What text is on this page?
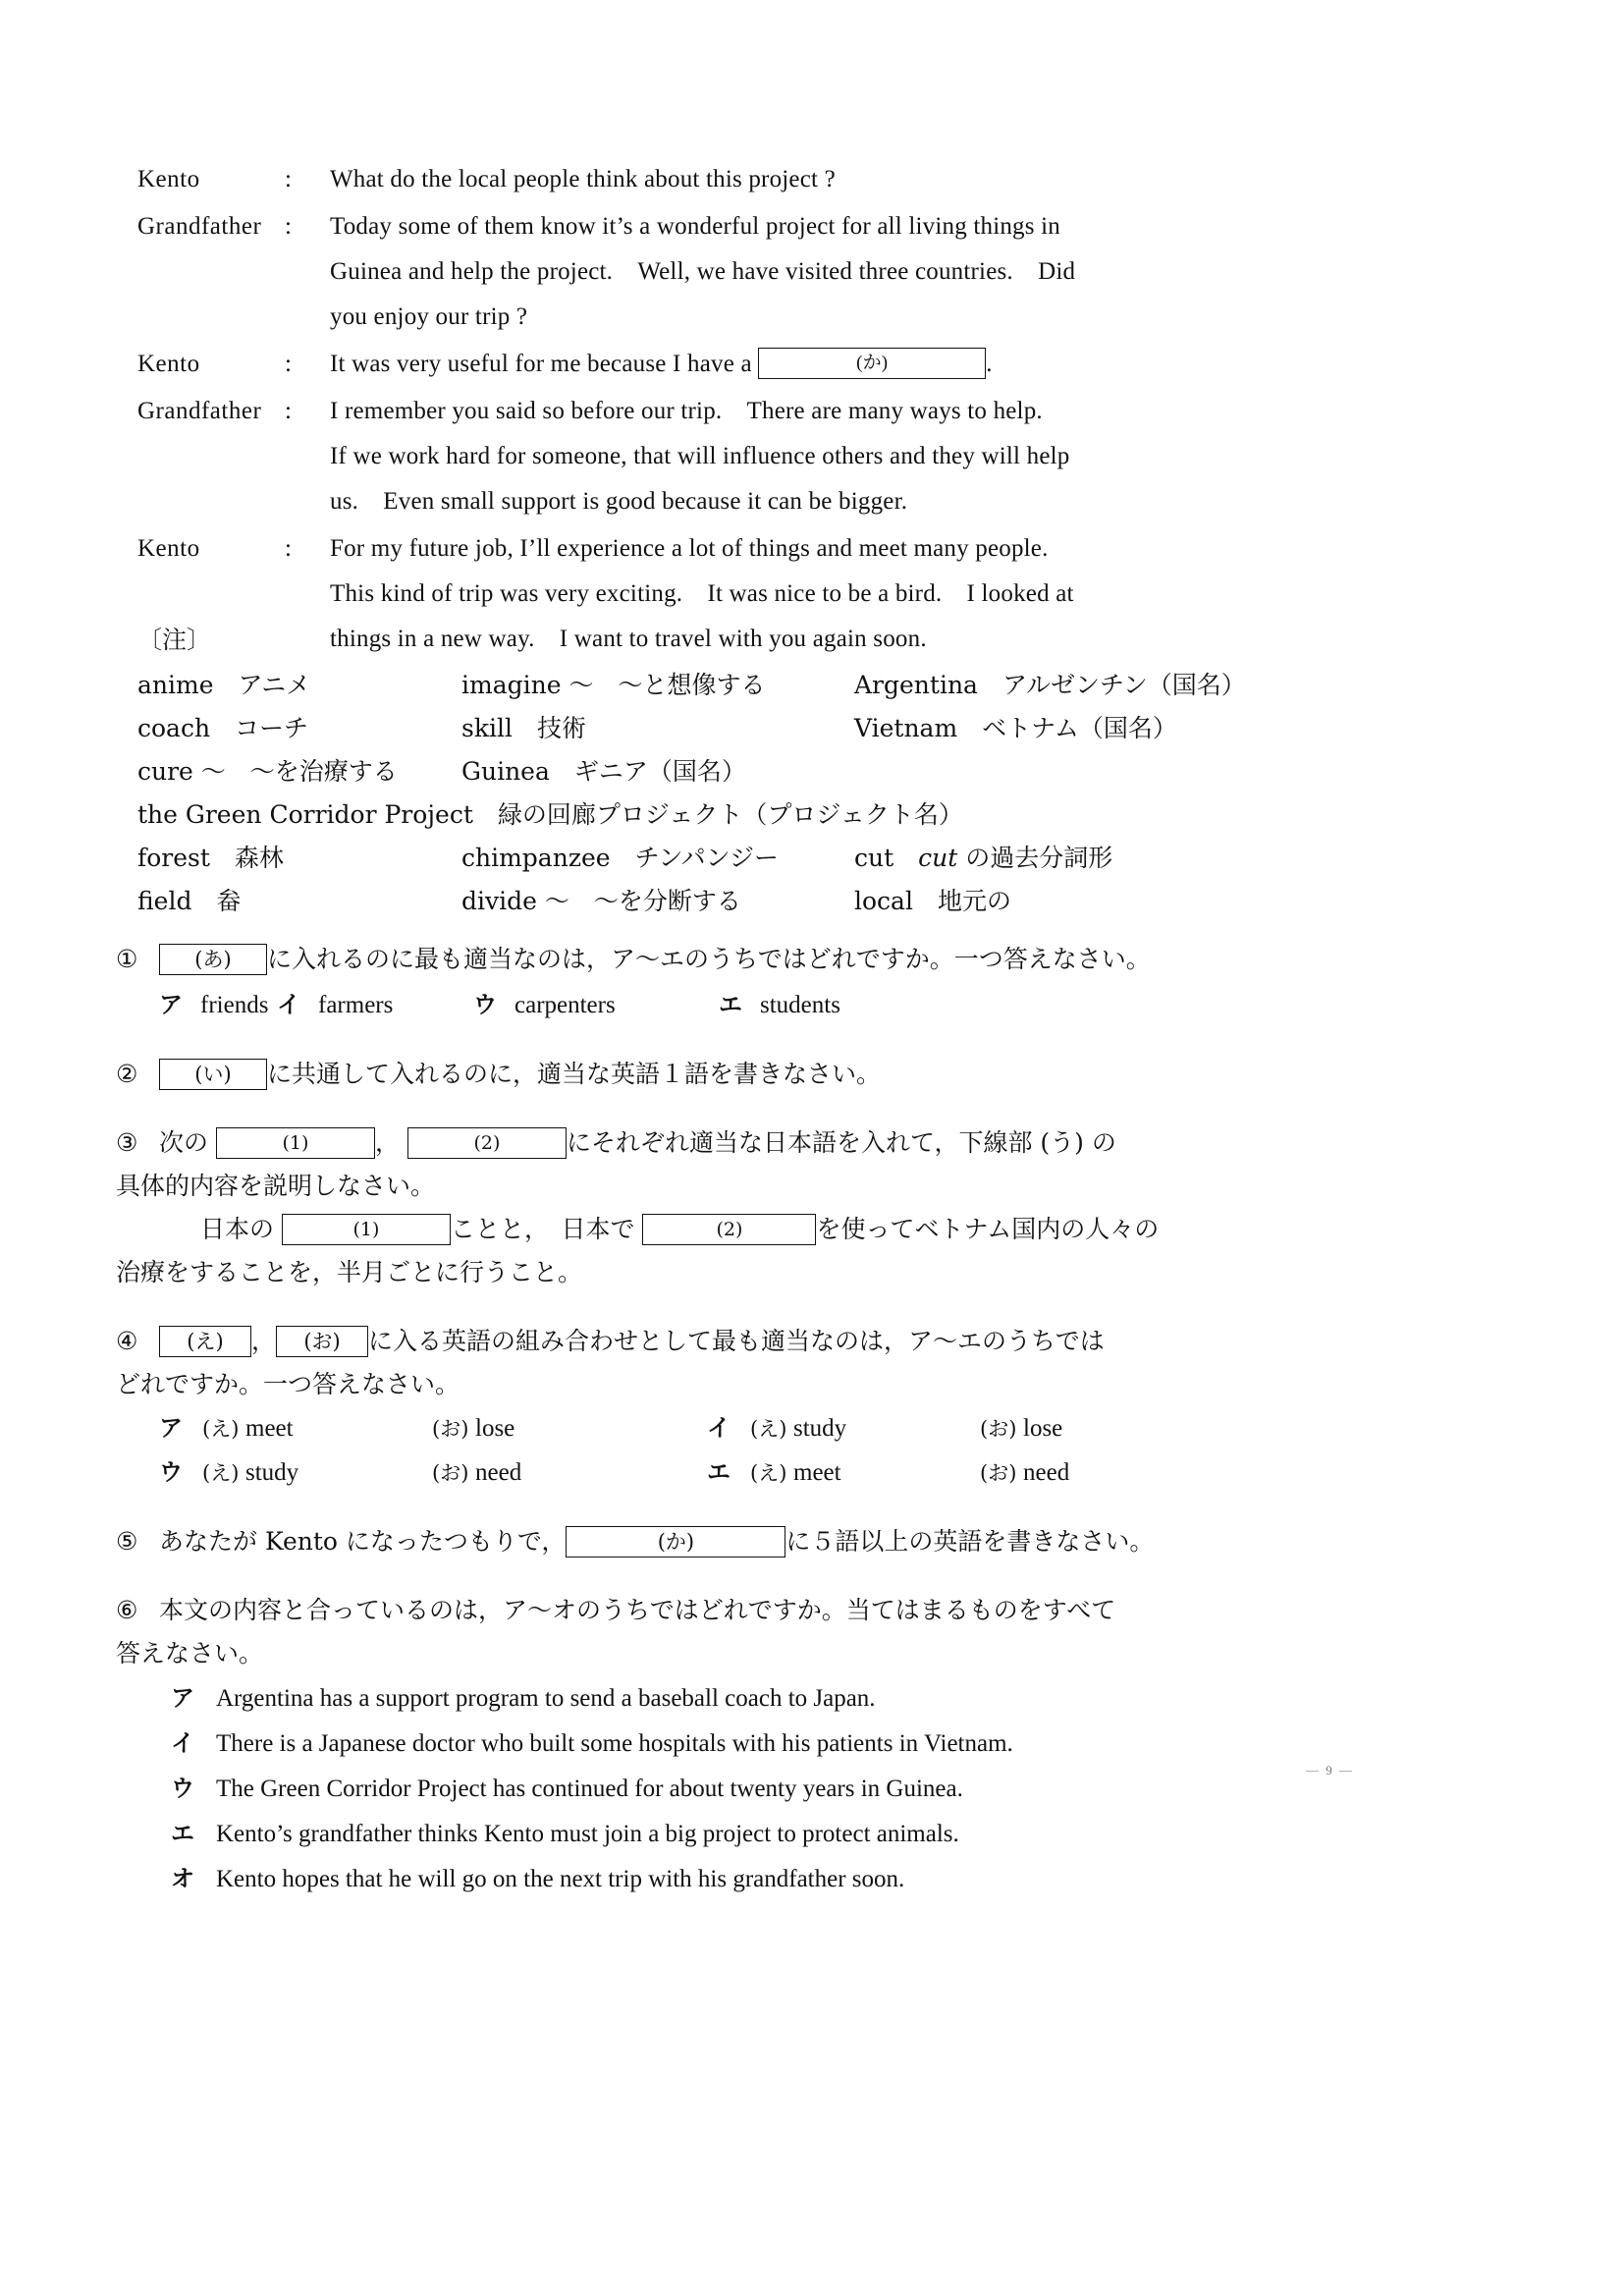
Kento	:	What do the local people think about this project ?
Grandfather :	Today some of them know it’s a wonderful project for all living things in
Guinea and help the project. Well, we have visited three countries. Did
you enjoy our trip ?
Kento	:	It was very useful for me because I have a	(か)	.
Grandfather :	I remember you said so before our trip. There are many ways to help.
If we work hard for someone, that will influence others and they will help
us. Even small support is good because it can be bigger.
Kento	:	For my future job, I’ll experience a lot of things and meet many people.
This kind of trip was very exciting. It was nice to be a bird. I looked at
things in a new way. I want to travel with you again soon.
〔注〕
anime　アニメ	imagine ～　～と想像する	Argentina　アルゼンチン（国名）
coach　コーチ	skill　技術	Vietnam　ベトナム（国名）
cure ～　～を治療する	Guinea　ギニア（国名）
the Green Corridor Project　緑の回廊プロジェクト（プロジェクト名）
forest　森林	chimpanzee　チンパンジー	cut　cut の過去分詞形
field　畚	divide ～　～を分断する	local　地元の
①	(あ) に入れるのに最も適当なのは，ア～エのうちではどれですか。一つ答えなさい。
ア friends イ farmers	ウ carpenters	エ students
②	(い) に共通して入れるのに，適当な英語１語を書きなさい。
③ 次の	(1)	，	(2)	にそれぞれ適当な日本語を入れて，下線部 (う) の
具体的内容を説明しなさい。
日本の	(1)	ことと，　日本で	(2)	を使ってベトナム国内の人々の
治療をすることを，半月ごとに行うこと。
④	(え) ， (お) に入る英語の組み合わせとして最も適当なのは，ア～エのうちでは
どれですか。一つ答えなさい。
ア (え) meet	(お) lose	イ (え) study	(お) lose
ウ (え) study	(お) need	エ (え) meet	(お) need
⑤ あなたが Kento になったつもりで，	(か)	に５語以上の英語を書きなさい。
⑥ 本文の内容と合っているのは，ア～オのうちではどれですか。当てはまるものをすべて
答えなさい。
ア Argentina has a support program to send a baseball coach to Japan.
イ There is a Japanese doctor who built some hospitals with his patients in Vietnam.
ウ The Green Corridor Project has continued for about twenty years in Guinea.
エ Kento’s grandfather thinks Kento must join a big project to protect animals.
オ Kento hopes that he will go on the next trip with his grandfather soon.
— 9 —
